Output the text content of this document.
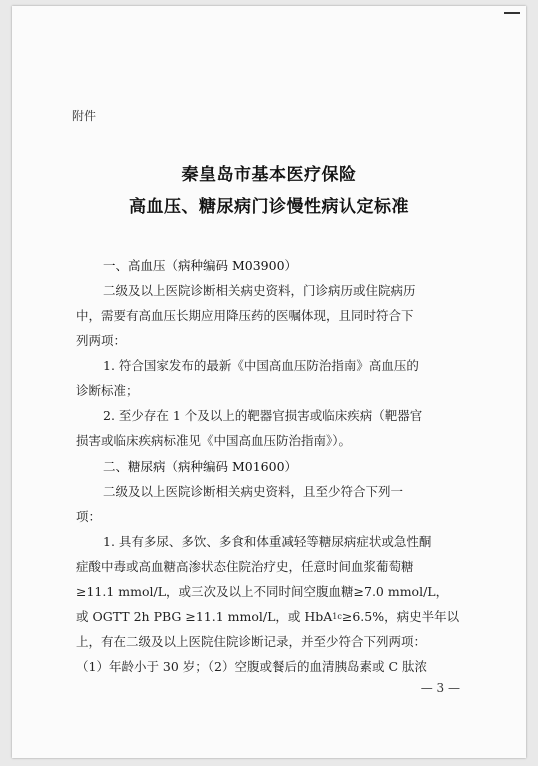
附件
秦皇岛市基本医疗保险
高血压、糖尿病门诊慢性病认定标准
一、高血压（病种编码 M03900）
二级及以上医院诊断相关病史资料，门诊病历或住院病历
中，需要有高血压长期应用降压药的医嘱体现，且同时符合下
列两项：
1. 符合国家发布的最新《中国高血压防治指南》高血压的
诊断标准；
2. 至少存在 1 个及以上的靶器官损害或临床疾病（靶器官
损害或临床疾病标准见《中国高血压防治指南》）。
二、糖尿病（病种编码 M01600）
二级及以上医院诊断相关病史资料，且至少符合下列一
项：
1. 具有多尿、多饮、多食和体重减轻等糖尿病症状或急性酮
症酸中毒或高血糖高渗状态住院治疗史，任意时间血浆葡萄糖
≥11.1 mmol/L，或三次及以上不同时间空腹血糖≥7.0 mmol/L，
或 OGTT 2h PBG ≥11.1 mmol/L，或 HbA 1c ≥6.5%，病史半年以
上，有在二级及以上医院住院诊断记录，并至少符合下列两项：
（1）年龄小于 30 岁；（2）空腹或餐后的血清胰岛素或 C 肽浓
— 3 —
